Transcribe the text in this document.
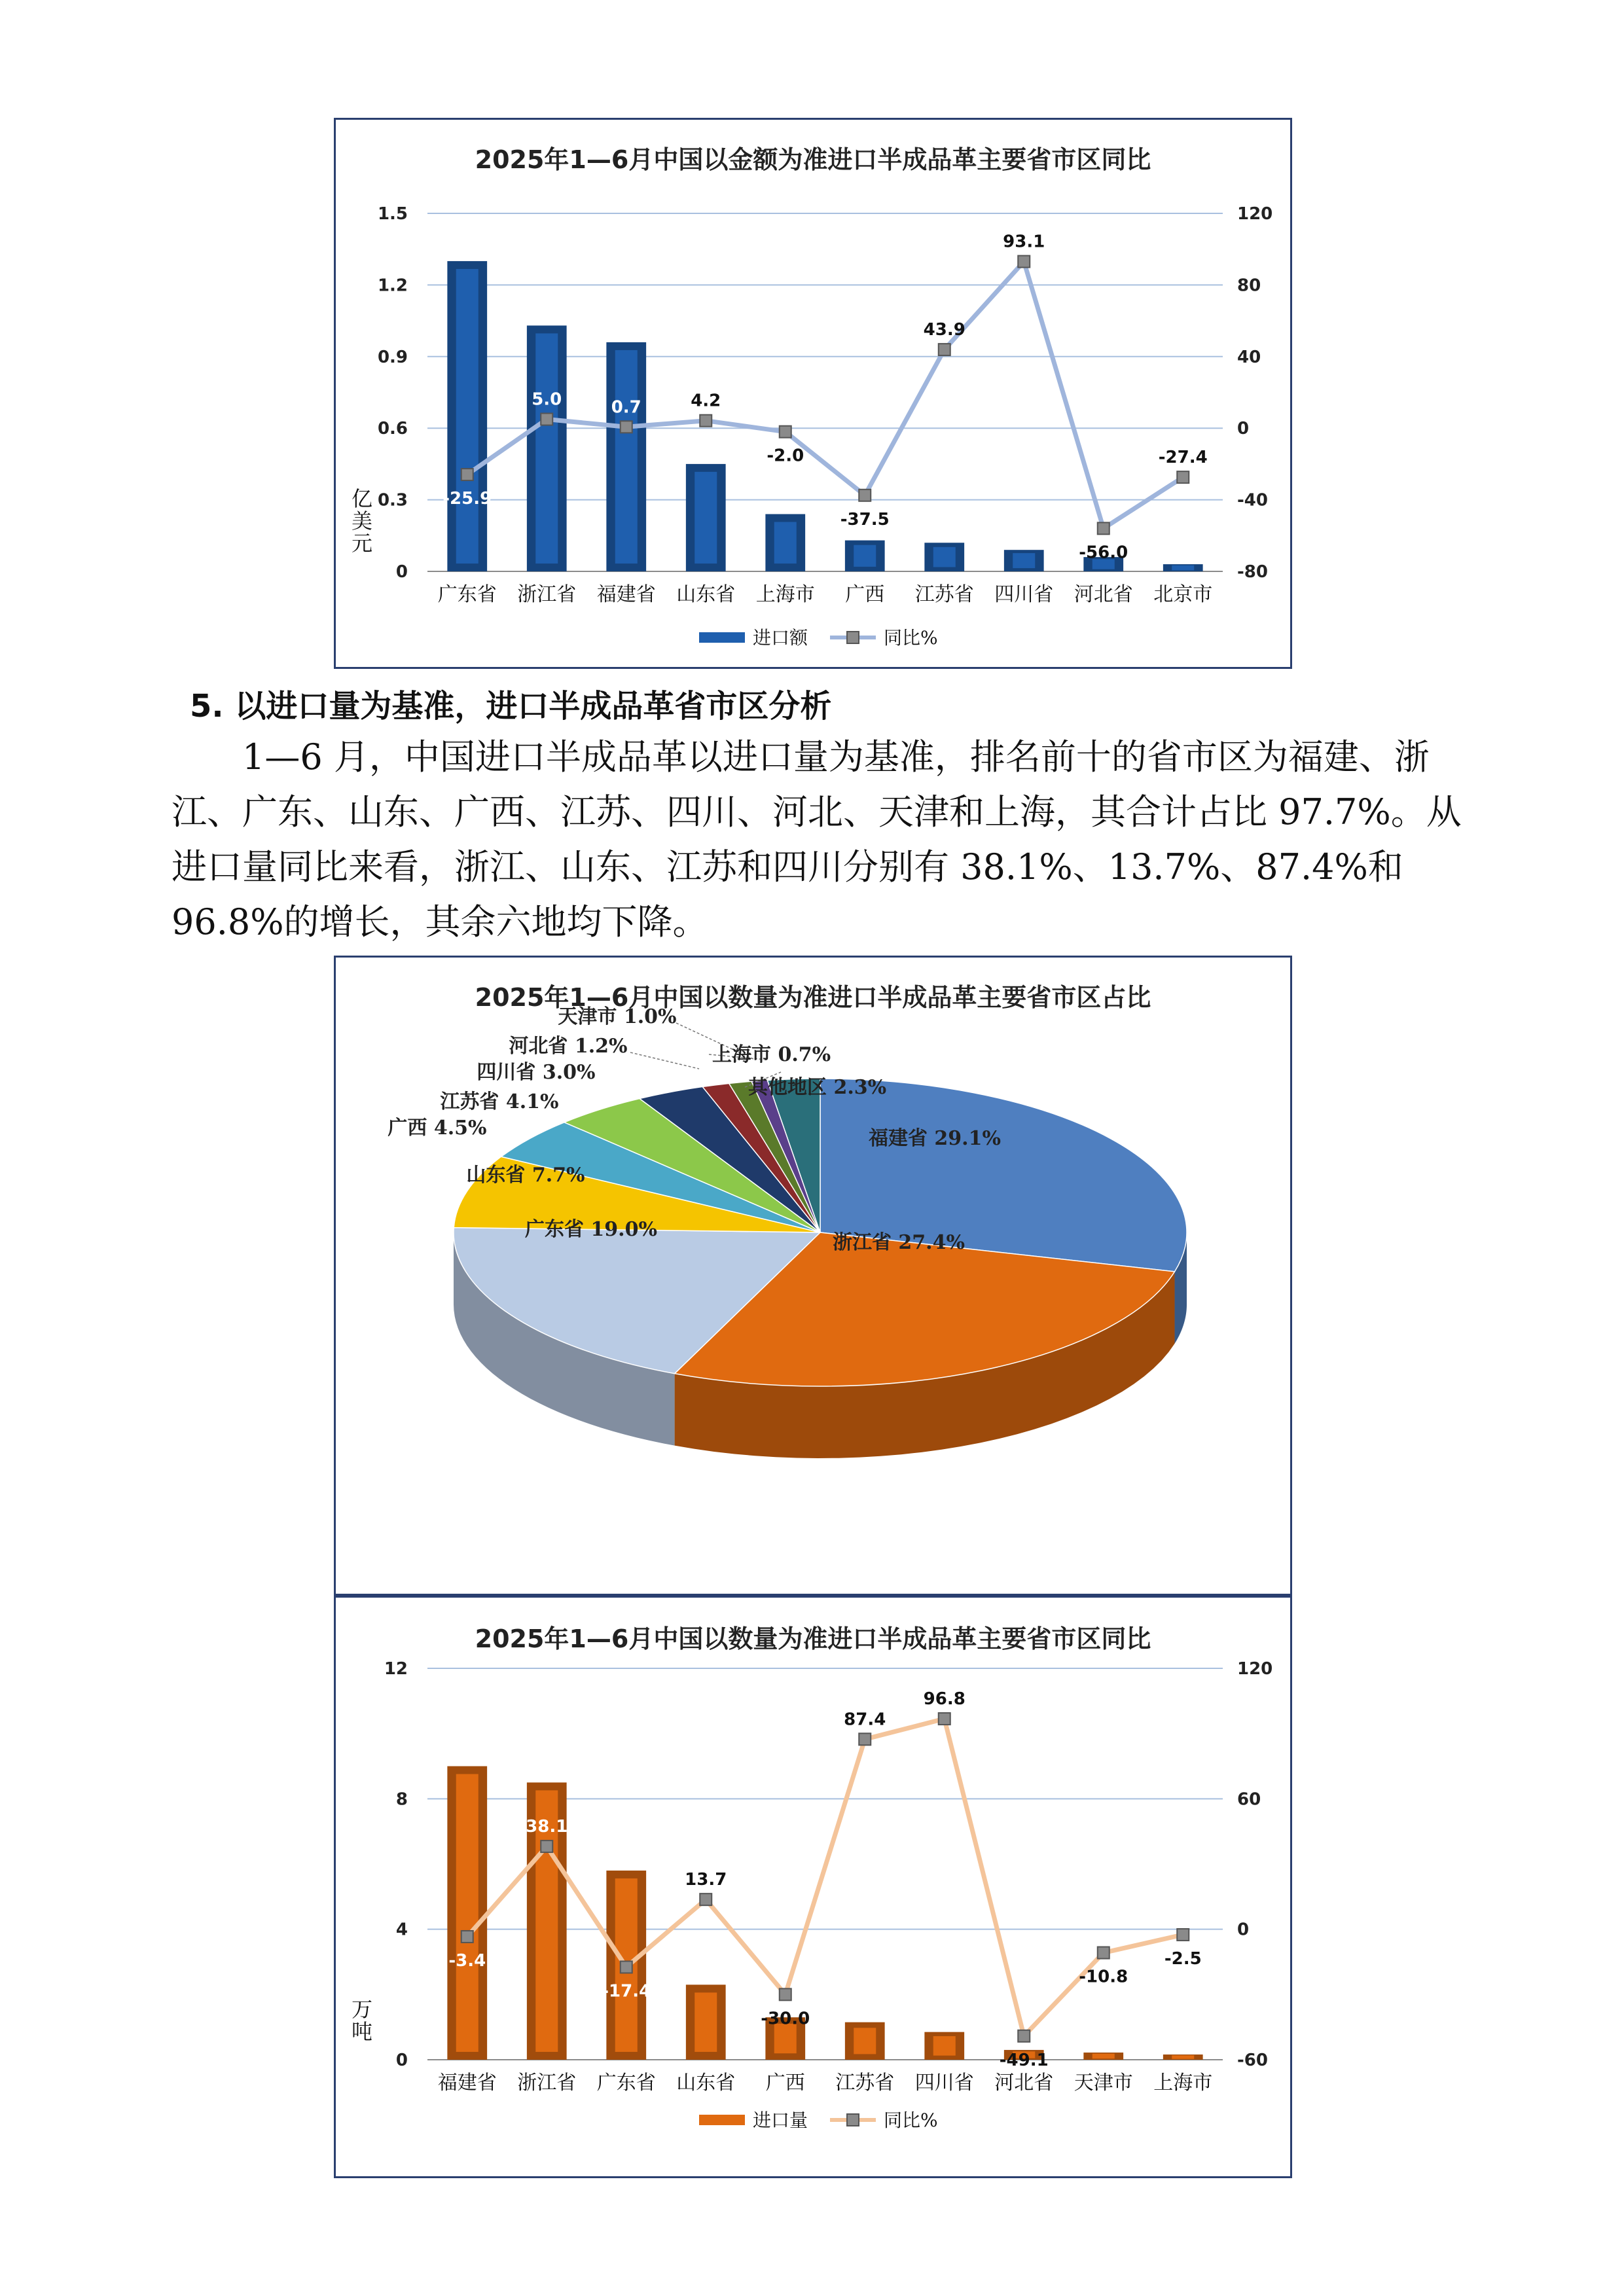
2025年1—6月中国以金额为准进口半成品革主要省市区同比
0
0.3
0.6
0.9
1.2
1.5
-80
-40
0
40
80
120
亿
美
元
广东省 浙江省 福建省 山东省 上海市 广西 江苏省 四川省 河北省 北京市
-25.9
5.0	0.7	4.2
-2.0
-37.5
43.9
93.1
-56.0
-27.4
进口额	同比%
5. 以进口量为基准，进口半成品革省市区分析

1—6 月，中国进口半成品革以进口量为基准，排名前十的省市区为福建、浙江、广东、山东、广西、江苏、四川、河北、天津和上海，其合计占比 97.7%。从进口量同比来看，浙江、山东、江苏和四川分别有 38.1%、13.7%、87.4%和 96.8%的增长，其余六地均下降。

2025年1—6月中国以数量为准进口半成品革主要省市区占比
福建省 29.1%
浙江省 27.4%
广东省 19.0%
山东省 7.7%
广西 4.5%
江苏省 4.1%
四川省 3.0%
河北省 1.2%
天津市 1.0%
上海市 0.7%
其他地区 2.3%
2025年1—6月中国以数量为准进口半成品革主要省市区同比
0
4
8
12
-60
0
60
120
万
吨
福建省 浙江省 广东省 山东省 广西 江苏省 四川省 河北省 天津市 上海市
-3.4
38.1
-17.4
13.7
-30.0
87.4
96.8
-49.1
-10.8
-2.5
进口量	同比%
